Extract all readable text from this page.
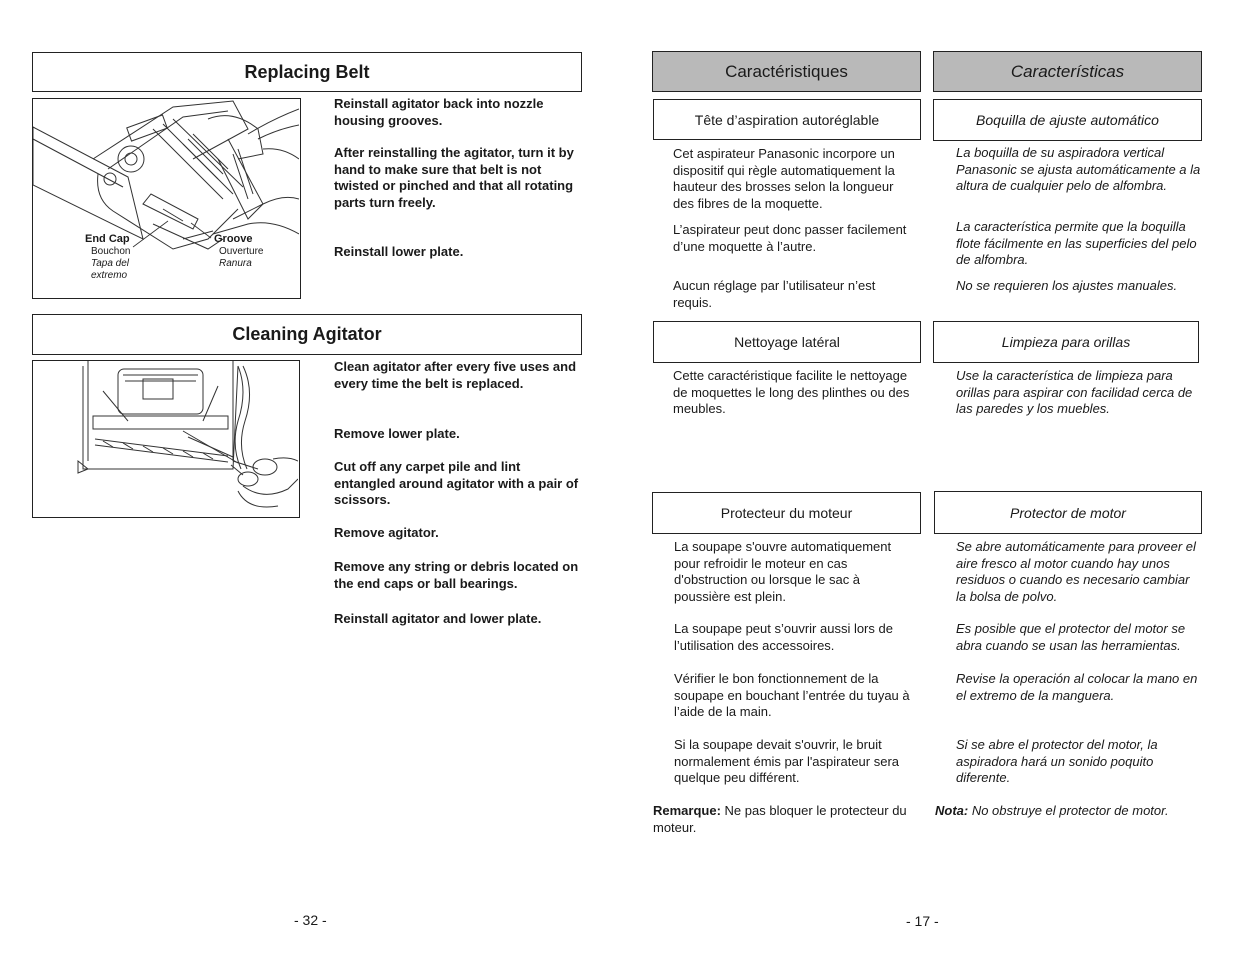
Replacing Belt
End Cap
Bouchon
Tapa del extremo
Groove
Ouverture
Ranura
Reinstall agitator back into nozzle housing grooves.
After reinstalling the agitator, turn it by hand to make sure that belt is not twisted or pinched and that all rotating parts turn freely.
Reinstall lower plate.
Cleaning Agitator
Clean agitator after every five uses and every time the belt is replaced.
Remove lower plate.
Cut off any carpet pile and lint entangled around agitator with a pair of scissors.
Remove agitator.
Remove any string or debris located on the end caps or ball bearings.
Reinstall agitator and lower plate.
- 32 -
Caractéristiques
Tête d’aspiration autoréglable
Cet aspirateur Panasonic incorpore un dispositif qui règle automatiquement la hauteur des brosses selon la longueur des fibres de la moquette.
L’aspirateur peut donc passer facilement d’une moquette à l’autre.
Aucun réglage par l’utilisateur n’est requis.
Nettoyage latéral
Cette caractéristique facilite le nettoyage de moquettes le long des plinthes ou des meubles.
Protecteur du moteur
La soupape s'ouvre automatiquement pour refroidir le moteur en cas d'obstruction ou lorsque le sac à poussière est plein.
La soupape peut s’ouvrir aussi lors de l’utilisation des accessoires.
Vérifier le bon fonctionnement de la soupape en bouchant l’entrée du tuyau à l’aide de la main.
Si la soupape devait s'ouvrir, le bruit normalement émis par l'aspirateur sera quelque peu différent.
Remarque: Ne pas bloquer le protecteur du moteur.
Características
Boquilla de ajuste automático
La boquilla de su aspiradora vertical Panasonic se ajusta automáticamente a la altura de cualquier pelo de alfombra.
La característica permite que la boquilla flote fácilmente en las superficies del pelo de alfombra.
No se requieren los ajustes manuales.
Limpieza para orillas
Use la característica de limpieza para orillas para aspirar con facilidad cerca de las paredes y los muebles.
Protector de motor
Se abre automáticamente para proveer el aire fresco al motor cuando hay unos residuos o cuando es necesario cambiar la bolsa de polvo.
Es posible que el protector del motor se abra cuando se usan las herramientas.
Revise la operación al colocar la mano en el extremo de la manguera.
Si se abre el protector del motor, la aspiradora hará un sonido poquito diferente.
Nota: No obstruye el protector de motor.
- 17 -
